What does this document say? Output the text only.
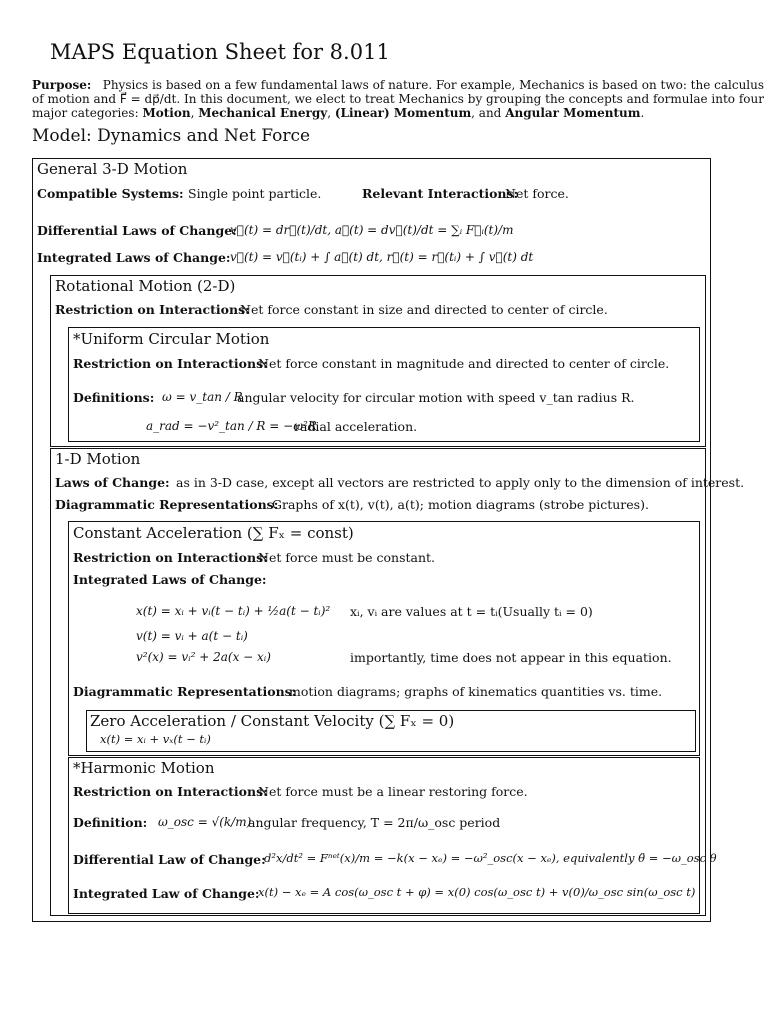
MAPS Equation Sheet for 8.011
Purpose: Physics is based on a few fundamental laws of nature. For example, Mechanics is based on two: the calculus
of motion and F⃗ = dp⃗/dt. In this document, we elect to treat Mechanics by grouping the concepts and formulae into four
major categories: Motion, Mechanical Energy, (Linear) Momentum, and Angular Momentum.
Model: Dynamics and Net Force
General 3-D Motion
Compatible Systems: Single point particle.	Relevant Interactions:
Net force.
Differential Laws of Change:
v⃗(t) = dr⃗(t)/dt, a⃗(t) = dv⃗(t)/dt = ∑ᵢ F⃗ᵢ(t)/m
Integrated Laws of Change: v⃗(t) = v⃗(tᵢ) + ∫ a⃗(t) dt, r⃗(t) = r⃗(tᵢ) + ∫ v⃗(t) dt
Rotational Motion (2-D)
Restriction on Interactions:
Net force constant in size and directed to center of circle.
*Uniform Circular Motion
Restriction on Interactions:
Net force constant in magnitude and directed to center of circle.
Definitions: ω = v_tan / R
angular velocity for circular motion with speed v_tan radius R.
a_rad = −v²_tan / R = −ω²R
radial acceleration.
1-D Motion
Laws of Change: as in 3-D case, except all vectors are restricted to apply only to the dimension of interest.
Diagrammatic Representations:
Graphs of x(t), v(t), a(t); motion diagrams (strobe pictures).
Constant Acceleration (∑ Fₓ = const)
Restriction on Interactions:
Net force must be constant.
Integrated Laws of Change:
x(t) = xᵢ + vᵢ(t − tᵢ) + ½a(t − tᵢ)² xᵢ, vᵢ are values at t = tᵢ(Usually tᵢ = 0)
v(t) = vᵢ + a(t − tᵢ)
v²(x) = vᵢ² + 2a(x − xᵢ)	importantly, time does not appear in this equation.
Diagrammatic Representations:
motion diagrams; graphs of kinematics quantities vs. time.
Zero Acceleration / Constant Velocity (∑ Fₓ = 0)
x(t) = xᵢ + vₓ(t − tᵢ)
*Harmonic Motion
Restriction on Interactions:
Net force must be a linear restoring force.
Definition: ω_osc = √(k/m)
angular frequency, T = 2π/ω_osc period
Differential Law of Change:
d²x/dt² = Fⁿᵉᵗ(x)/m = −k(x − xₑ) = −ω²_osc(x − xₑ), equivalently θ̈ = −ω_osc θ
Integrated Law of Change:
x(t) − xₑ = A cos(ω_osc t + φ) = x(0) cos(ω_osc t) + v(0)/ω_osc sin(ω_osc t)
